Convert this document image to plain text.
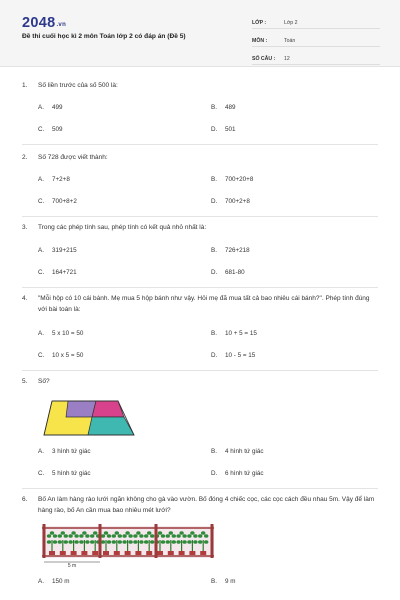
2048.vn
Đề thi cuối học kì 2 môn Toán lớp 2 có đáp án (Đề 5)
LỚP :	Lớp 2
MÔN :	Toán
SỐ CÂU :	12
1. Số liền trước của số 500 là:
A. 499	B. 489
C. 509	D. 501
2. Số 728 được viết thành:
A. 7+2+8	B. 700+20+8
C. 700+8+2	D. 700+2+8
3. Trong các phép tính sau, phép tính có kết quả nhỏ nhất là:
A. 319+215	B. 726+218
C. 164+721	D. 681-80
4. "Mỗi hộp có 10 cái bánh. Mẹ mua 5 hộp bánh như vậy. Hỏi mẹ đã mua tất cả bao nhiêu cái bánh?". Phép tính đúng với bài toán là:
A. 5 x 10 = 50	B. 10 + 5 = 15
C. 10 x 5 = 50	D. 10 - 5 = 15
5. Số?
A. 3 hình tứ giác	B. 4 hình tứ giác
C. 5 hình tứ giác	D. 6 hình tứ giác
6. Bố An làm hàng rào lưới ngăn không cho gà vào vườn. Bố đóng 4 chiếc cọc, các cọc cách đều nhau 5m. Vậy để làm hàng rào, bố An cần mua bao nhiêu mét lưới?
5 m
A. 150 m	B. 9 m
